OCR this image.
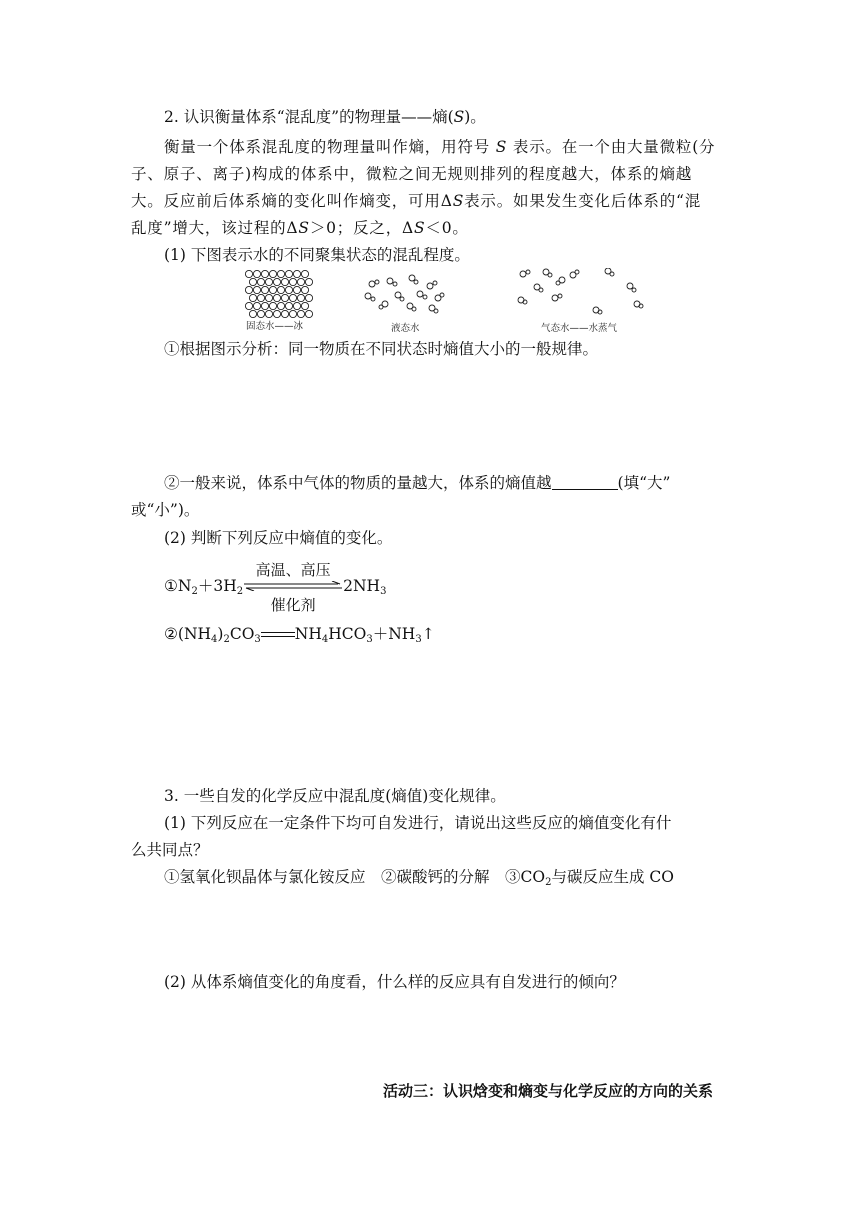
2. 认识衡量体系“混乱度”的物理量——熵(S)。
衡量一个体系混乱度的物理量叫作熵，用符号 S 表示。在一个由大量微粒(分
子、原子、离子)构成的体系中，微粒之间无规则排列的程度越大，体系的熵越
大。反应前后体系熵的变化叫作熵变，可用ΔS表示。如果发生变化后体系的“混
乱度”增大，该过程的ΔS＞0；反之，ΔS＜0。
(1) 下图表示水的不同聚集状态的混乱程度。
固态水——冰	液态水	气态水——水蒸气
①根据图示分析：同一物质在不同状态时熵值大小的一般规律。
②一般来说，体系中气体的物质的量越大，体系的熵值越	(填“大”
或“小”)。
(2) 判断下列反应中熵值的变化。
$①N_2+3H_2$
高温、高压
催化剂
$2NH_3$
$②(NH_4)_2CO_3$ $NH_4HCO_3+NH_3↑$
3. 一些自发的化学反应中混乱度(熵值)变化规律。
(1) 下列反应在一定条件下均可自发进行，请说出这些反应的熵值变化有什
么共同点？
①氢氧化钡晶体与氯化铵反应　②碳酸钙的分解　$③CO_2$与碳反应生成 CO
(2) 从体系熵值变化的角度看，什么样的反应具有自发进行的倾向？
活动三：认识焓变和熵变与化学反应的方向的关系
